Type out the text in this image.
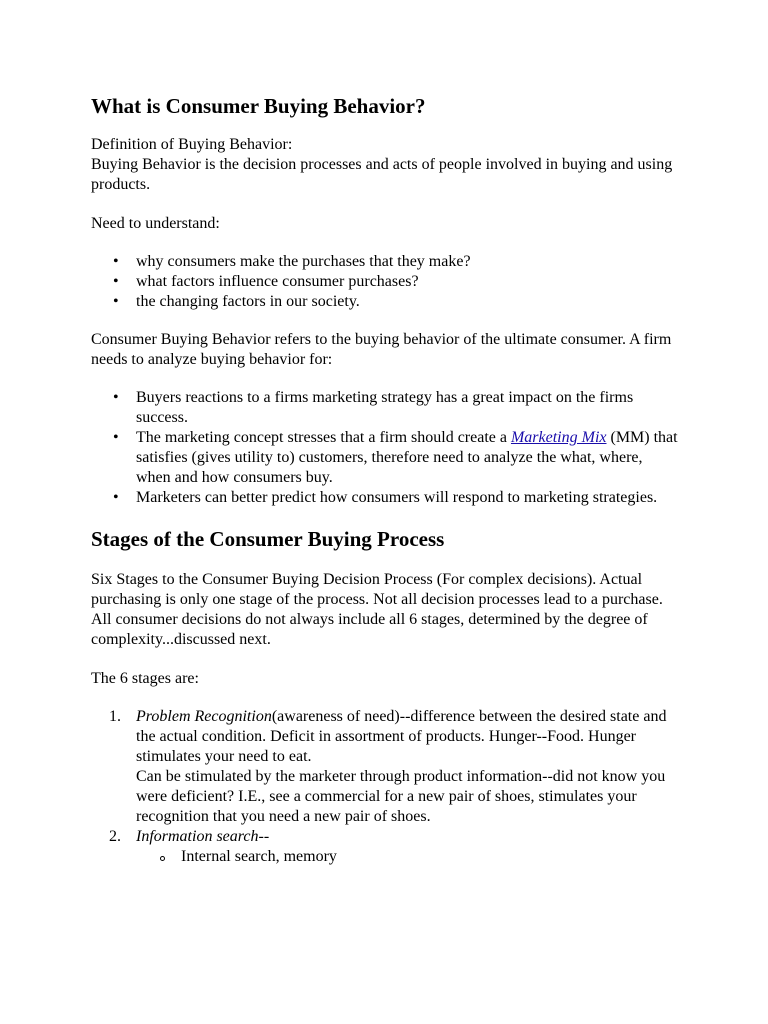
What is Consumer Buying Behavior?

Definition of Buying Behavior:

Buying Behavior is the decision processes and acts of people involved in buying and using products.

Need to understand:

• why consumers make the purchases that they make?
• what factors influence consumer purchases?
• the changing factors in our society.

Consumer Buying Behavior refers to the buying behavior of the ultimate consumer. A firm needs to analyze buying behavior for:

• Buyers reactions to a firms marketing strategy has a great impact on the firms success.
• The marketing concept stresses that a firm should create a Marketing Mix (MM) that satisfies (gives utility to) customers, therefore need to analyze the what, where, when and how consumers buy.
• Marketers can better predict how consumers will respond to marketing strategies.
Stages of the Consumer Buying Process

Six Stages to the Consumer Buying Decision Process (For complex decisions). Actual purchasing is only one stage of the process. Not all decision processes lead to a purchase. All consumer decisions do not always include all 6 stages, determined by the degree of complexity...discussed next.

The 6 stages are:

1. Problem Recognition(awareness of need)--difference between the desired state and the actual condition. Deficit in assortment of products. Hunger--Food. Hunger stimulates your need to eat.
Can be stimulated by the marketer through product information--did not know you were deficient? I.E., see a commercial for a new pair of shoes, stimulates your recognition that you need a new pair of shoes.
2. Information search--
Internal search, memory
